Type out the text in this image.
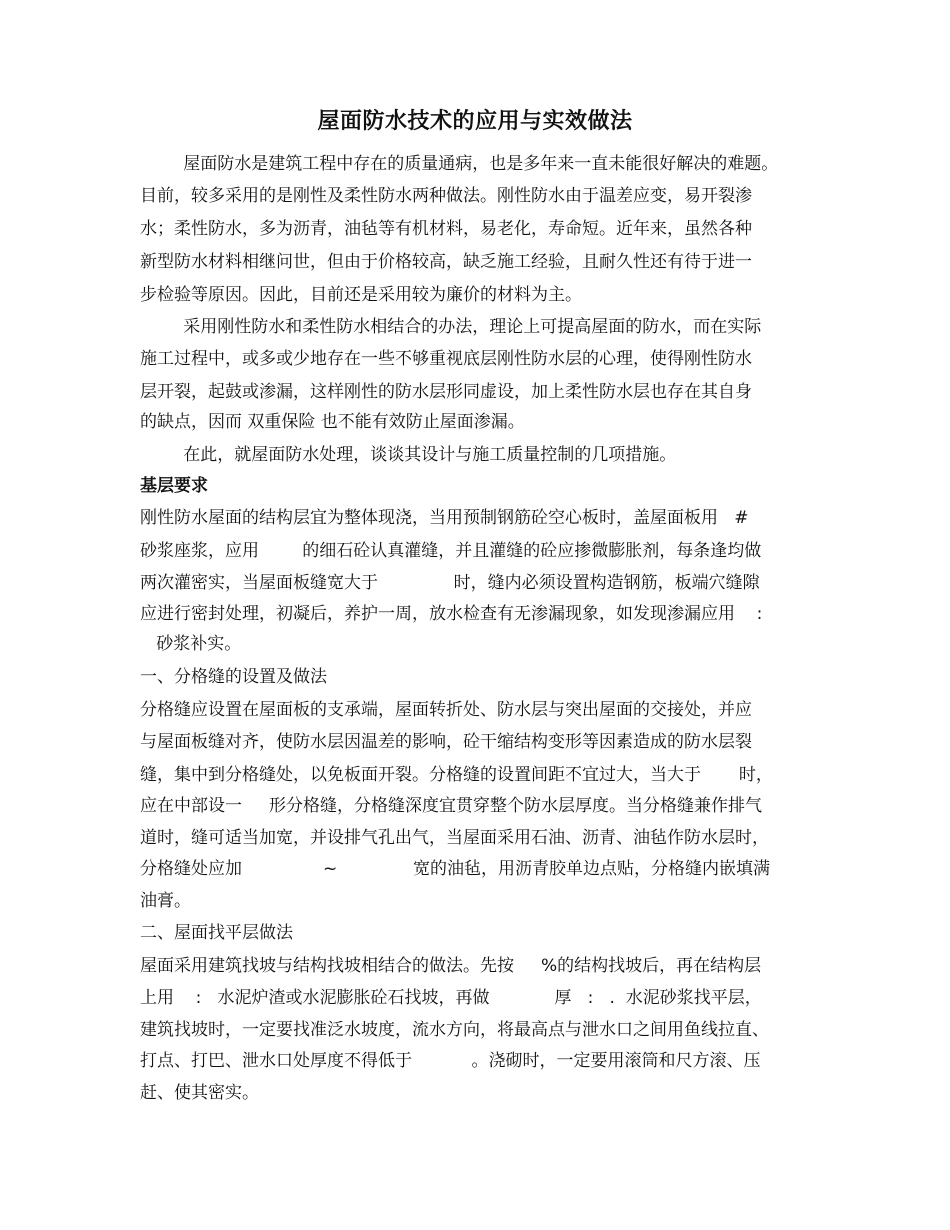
屋面防水技术的应用与实效做法
屋面防水是建筑工程中存在的质量通病，也是多年来一直未能很好解决的难题。
目前，较多采用的是刚性及柔性防水两种做法。刚性防水由于温差应变，易开裂渗
水；柔性防水，多为沥青，油毡等有机材料，易老化，寿命短。近年来，虽然各种
新型防水材料相继问世，但由于价格较高，缺乏施工经验，且耐久性还有待于进一
步检验等原因。因此，目前还是采用较为廉价的材料为主。
采用刚性防水和柔性防水相结合的办法，理论上可提高屋面的防水，而在实际
施工过程中，或多或少地存在一些不够重视底层刚性防水层的心理，使得刚性防水
层开裂，起鼓或渗漏，这样刚性的防水层形同虚设，加上柔性防水层也存在其自身
的缺点，因而 双重保险 也不能有效防止屋面渗漏。
在此，就屋面防水处理，谈谈其设计与施工质量控制的几项措施。
基层要求
刚性防水屋面的结构层宜为整体现浇，当用预制钢筋砼空心板时，盖屋面板用   #
砂浆座浆，应用        的细石砼认真灌缝，并且灌缝的砼应掺微膨胀剂，每条逢均做
两次灌密实，当屋面板缝宽大于              时，缝内必须设置构造钢筋，板端穴缝隙
应进行密封处理，初凝后，养护一周，放水检查有无渗漏现象，如发现渗漏应用    :
砂浆补实。
一、分格缝的设置及做法
分格缝应设置在屋面板的支承端，屋面转折处、防水层与突出屋面的交接处，并应
与屋面板缝对齐，使防水层因温差的影响，砼干缩结构变形等因素造成的防水层裂
缝，集中到分格缝处，以免板面开裂。分格缝的设置间距不宜过大，当大于       时，
应在中部设一     形分格缝，分格缝深度宜贯穿整个防水层厚度。当分格缝兼作排气
道时，缝可适当加宽，并设排气孔出气，当屋面采用石油、沥青、油毡作防水层时，
分格缝处应加               ~              宽的油毡，用沥青胶单边点贴，分格缝内嵌填满
油膏。
二、屋面找平层做法
屋面采用建筑找坡与结构找坡相结合的做法。先按     %的结构找坡后，再在结构层
上用    :   水泥炉渣或水泥膨胀砼石找坡，再做            厚   :   .  水泥砂浆找平层，
建筑找坡时，一定要找准泛水坡度，流水方向，将最高点与泄水口之间用鱼线拉直、
打点、打巴、泄水口处厚度不得低于           。浇砌时，一定要用滚筒和尺方滚、压
赶、使其密实。
